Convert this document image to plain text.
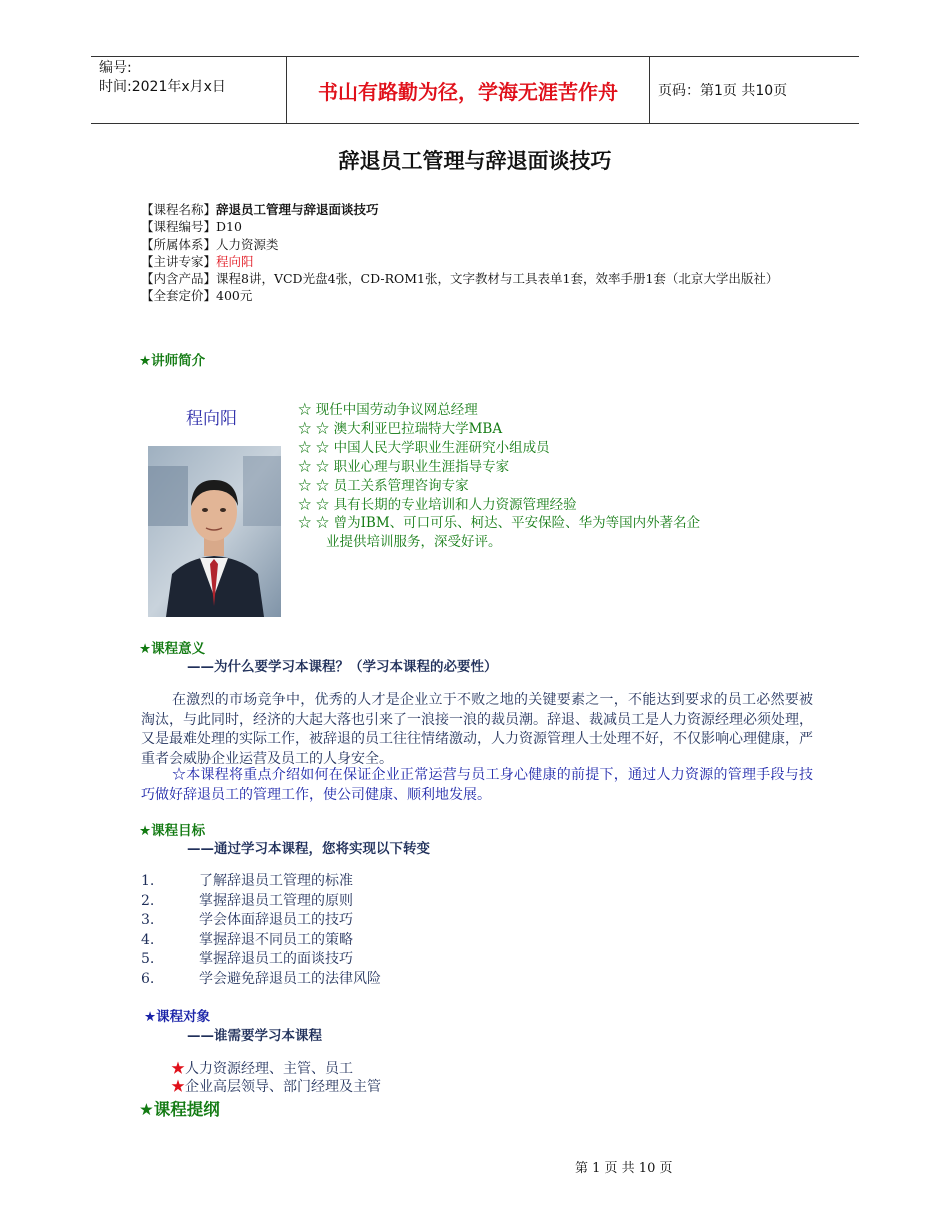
编号:
时间:2021年x月x日	书山有路勤为径，学海无涯苦作舟	页码：第1页 共10页
辞退员工管理与辞退面谈技巧
【课程名称】辞退员工管理与辞退面谈技巧
【课程编号】D10
【所属体系】人力资源类
【主讲专家】程向阳
【内含产品】课程8讲，VCD光盘4张，CD-ROM1张，文字教材与工具表单1套，效率手册1套（北京大学出版社）
【全套定价】400元
★讲师简介
程向阳	☆ 现任中国劳动争议网总经理
☆ ☆ 澳大利亚巴拉瑞特大学MBA
☆ ☆ 中国人民大学职业生涯研究小组成员
☆ ☆ 职业心理与职业生涯指导专家
☆ ☆ 员工关系管理咨询专家
☆ ☆ 具有长期的专业培训和人力资源管理经验
☆ ☆ 曾为IBM、可口可乐、柯达、平安保险、华为等国内外著名企
业提供培训服务，深受好评。
★课程意义
——为什么要学习本课程？（学习本课程的必要性）
在激烈的市场竞争中，优秀的人才是企业立于不败之地的关键要素之一，不能达到要求的员工必然要被淘汰，与此同时，经济的大起大落也引来了一浪接一浪的裁员潮。辞退、裁减员工是人力资源经理必须处理，又是最难处理的实际工作，被辞退的员工往往情绪激动，人力资源管理人士处理不好，不仅影响心理健康，严重者会威胁企业运营及员工的人身安全。
☆本课程将重点介绍如何在保证企业正常运营与员工身心健康的前提下，通过人力资源的管理手段与技巧做好辞退员工的管理工作，使公司健康、顺利地发展。
★课程目标
——通过学习本课程，您将实现以下转变
1.	了解辞退员工管理的标准
2.	掌握辞退员工管理的原则
3.	学会体面辞退员工的技巧
4.	掌握辞退不同员工的策略
5.	掌握辞退员工的面谈技巧
6.	学会避免辞退员工的法律风险
★课程对象
——谁需要学习本课程
★人力资源经理、主管、员工
★企业高层领导、部门经理及主管
★课程提纲
第 1 页 共 10 页
